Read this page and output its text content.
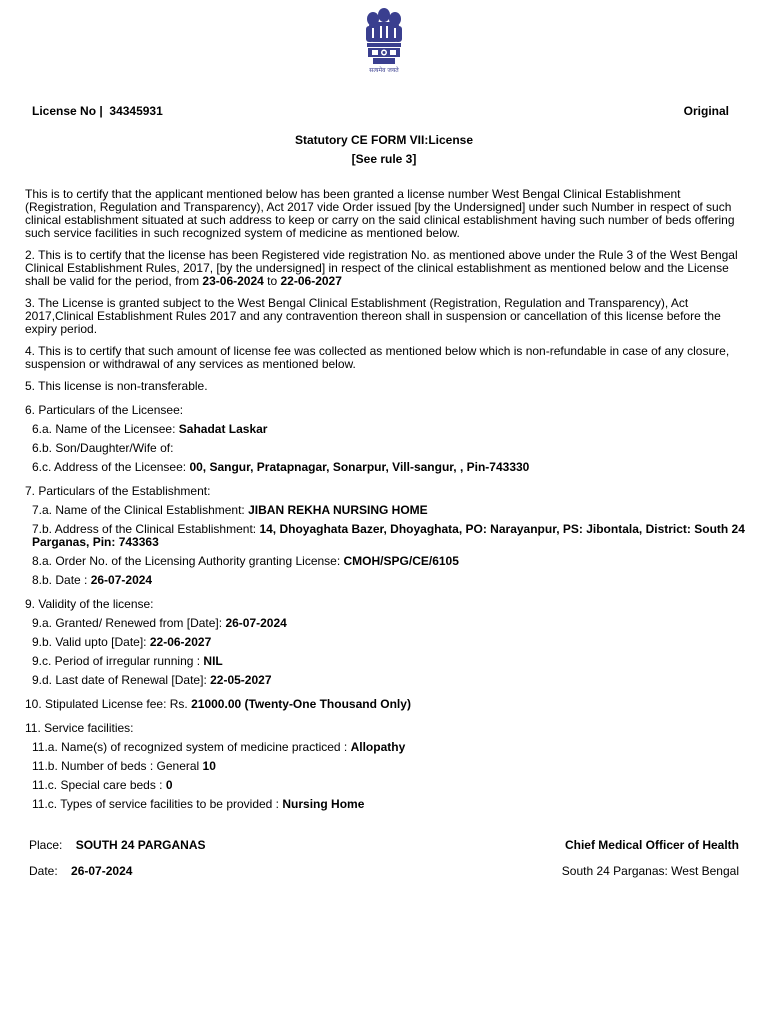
सत्यमेव जयते
License No | 34345931	Original
Statutory CE FORM VII:License
[See rule 3]

This is to certify that the applicant mentioned below has been granted a license number West Bengal Clinical Establishment (Registration, Regulation and Transparency), Act 2017 vide Order issued [by the Undersigned] under such Number in respect of such clinical establishment situated at such address to keep or carry on the said clinical establishment having such number of beds offering such service facilities in such recognized system of medicine as mentioned below.

2. This is to certify that the license has been Registered vide registration No. as mentioned above under the Rule 3 of the West Bengal Clinical Establishment Rules, 2017, [by the undersigned] in respect of the clinical establishment as mentioned below and the License shall be valid for the period, from 23-06-2024 to 22-06-2027

3. The License is granted subject to the West Bengal Clinical Establishment (Registration, Regulation and Transparency), Act 2017,Clinical Establishment Rules 2017 and any contravention thereon shall in suspension or cancellation of this license before the expiry period.

4. This is to certify that such amount of license fee was collected as mentioned below which is non-refundable in case of any closure, suspension or withdrawal of any services as mentioned below.

5. This license is non-transferable.

6. Particulars of the Licensee:
6.a. Name of the Licensee: Sahadat Laskar
6.b. Son/Daughter/Wife of:
6.c. Address of the Licensee: 00, Sangur, Pratapnagar, Sonarpur, Vill-sangur, , Pin-743330
7. Particulars of the Establishment:
7.a. Name of the Clinical Establishment: JIBAN REKHA NURSING HOME
7.b. Address of the Clinical Establishment: 14, Dhoyaghata Bazer, Dhoyaghata, PO: Narayanpur, PS: Jibontala, District: South 24 Parganas, Pin: 743363
8.a. Order No. of the Licensing Authority granting License: CMOH/SPG/CE/6105
8.b. Date : 26-07-2024
9. Validity of the license:
9.a. Granted/ Renewed from [Date]: 26-07-2024
9.b. Valid upto [Date]: 22-06-2027
9.c. Period of irregular running : NIL
9.d. Last date of Renewal [Date]: 22-05-2027
10. Stipulated License fee: Rs. 21000.00 (Twenty-One Thousand Only)
11. Service facilities:
11.a. Name(s) of recognized system of medicine practiced : Allopathy
11.b. Number of beds : General 10
11.c. Special care beds : 0
11.c. Types of service facilities to be provided : Nursing Home
Place: SOUTH 24 PARGANAS
Date: 26-07-2024
Chief Medical Officer of Health
South 24 Parganas: West Bengal
